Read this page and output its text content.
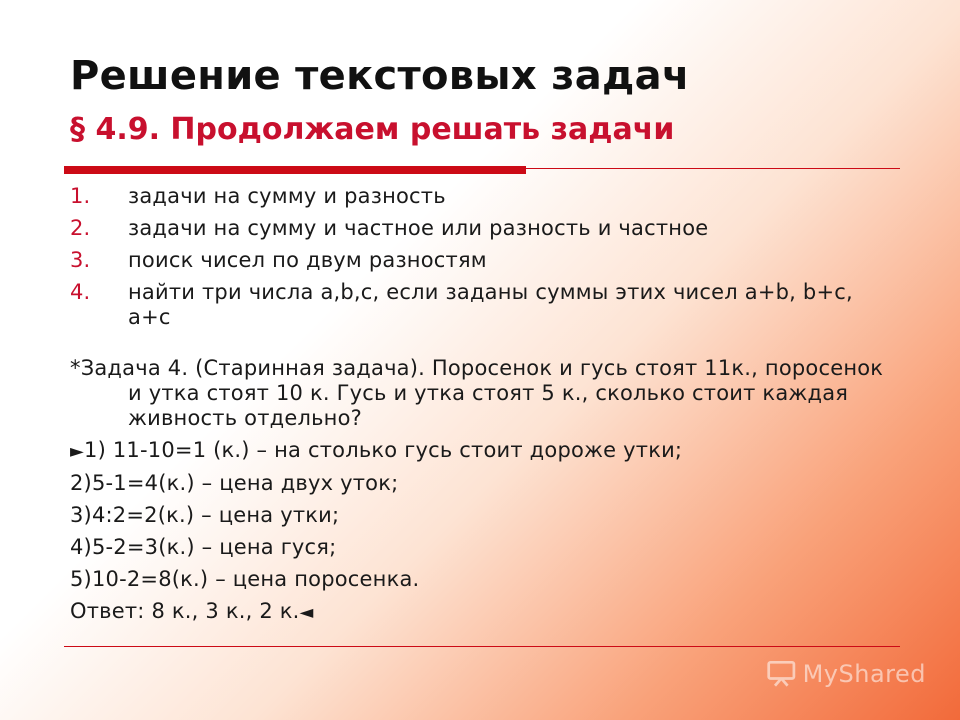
Решение текстовых задач
§ 4.9. Продолжаем решать задачи
1.	задачи на сумму и разность
2.	задачи на сумму и частное или разность и частное
3.	поиск чисел по двум разностям
4.	найти три числа a,b,c, если заданы суммы этих чисел a+b, b+c, a+c
*Задача 4. (Старинная задача). Поросенок и гусь стоят 11к., поросенок и утка стоят 10 к. Гусь и утка стоят 5 к., сколько стоит каждая живность отдельно?
►1) 11-10=1 (к.) – на столько гусь стоит дороже утки;
2)5-1=4(к.) – цена двух уток;
3)4:2=2(к.) – цена утки;
4)5-2=3(к.) – цена гуся;
5)10-2=8(к.) – цена поросенка.
Ответ: 8 к., 3 к., 2 к.◄
MyShared
